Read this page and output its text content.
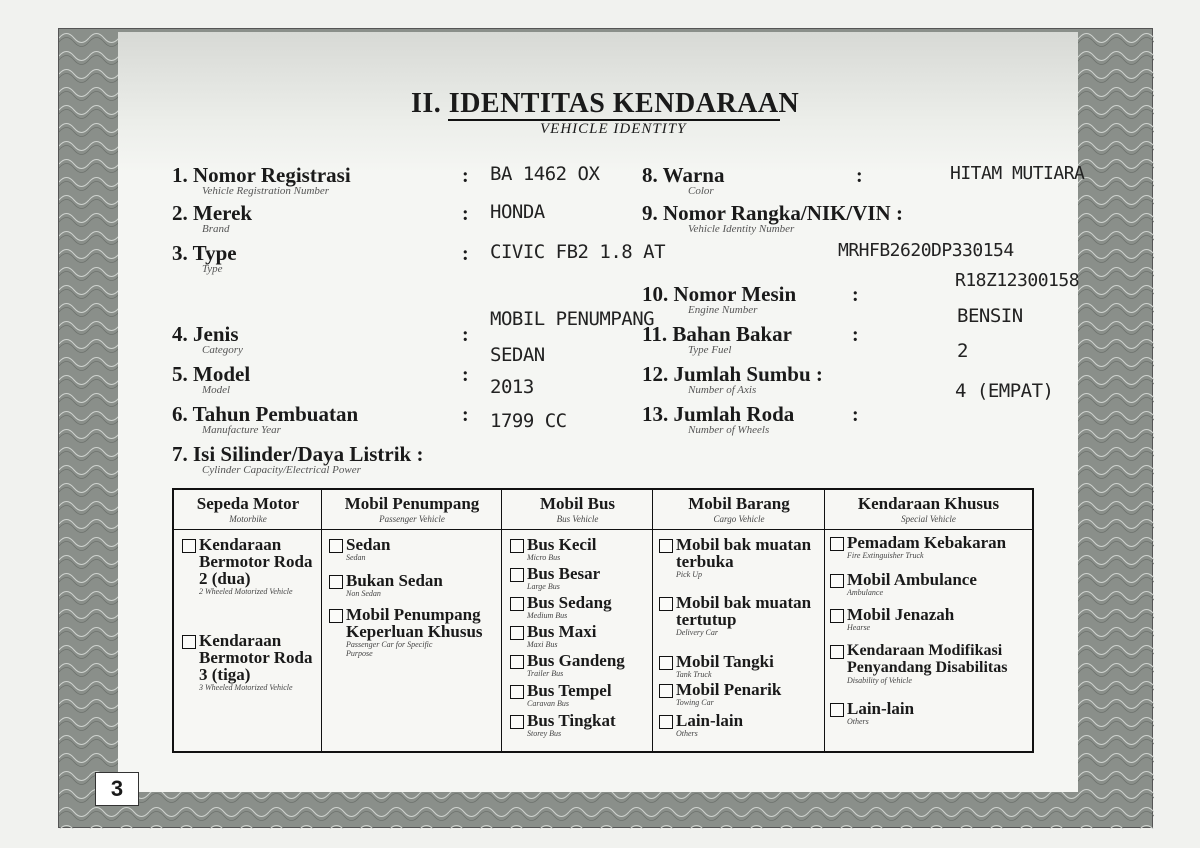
II. IDENTITAS KENDARAAN
VEHICLE IDENTITY
1. Nomor Registrasi
Vehicle Registration Number
: BA 1462 OX
2. Merek
Brand
: HONDA
3. Type
Type
: CIVIC FB2 1.8 AT
4. Jenis
Category
:
MOBIL PENUMPANG
5. Model
Model
:
SEDAN
6. Tahun Pembuatan
Manufacture Year
:
2013
7. Isi Silinder/Daya Listrik :
Cylinder Capacity/Electrical Power
1799 CC
8. Warna
Color
:	HITAM MUTIARA
9. Nomor Rangka/NIK/VIN :
Vehicle Identity Number
MRHFB2620DP330154
10. Nomor Mesin
Engine Number
:
R18Z12300158
11. Bahan Bakar
Type Fuel
:
BENSIN
12. Jumlah Sumbu :
Number of Axis
2
13. Jumlah Roda
Number of Wheels
:
4 (EMPAT)
Sepeda Motor
Motorbike
Mobil Penumpang
Passenger Vehicle
Mobil Bus
Bus Vehicle
Mobil Barang
Cargo Vehicle
Kendaraan Khusus
Special Vehicle
Kendaraan Bermotor Roda 2 (dua)
2 Wheeled Motorized Vehicle
Kendaraan Bermotor Roda 3 (tiga)
3 Wheeled Motorized Vehicle
Sedan
Sedan
Bukan Sedan
Non Sedan
Mobil Penumpang Keperluan Khusus
Passenger Car for Specific Purpose
Bus Kecil
Micro Bus
Bus Besar
Large Bus
Bus Sedang
Medium Bus
Bus Maxi
Maxi Bus
Bus Gandeng
Trailer Bus
Bus Tempel
Caravan Bus
Bus Tingkat
Storey Bus
Mobil bak muatan terbuka
Pick Up
Mobil bak muatan tertutup
Delivery Car
Mobil Tangki
Tank Truck
Mobil Penarik
Towing Car
Lain-lain
Others
Pemadam Kebakaran
Fire Extinguisher Truck
Mobil Ambulance
Ambulance
Mobil Jenazah
Hearse
Kendaraan Modifikasi Penyandang Disabilitas
Disability of Vehicle
Lain-lain
Others
3
